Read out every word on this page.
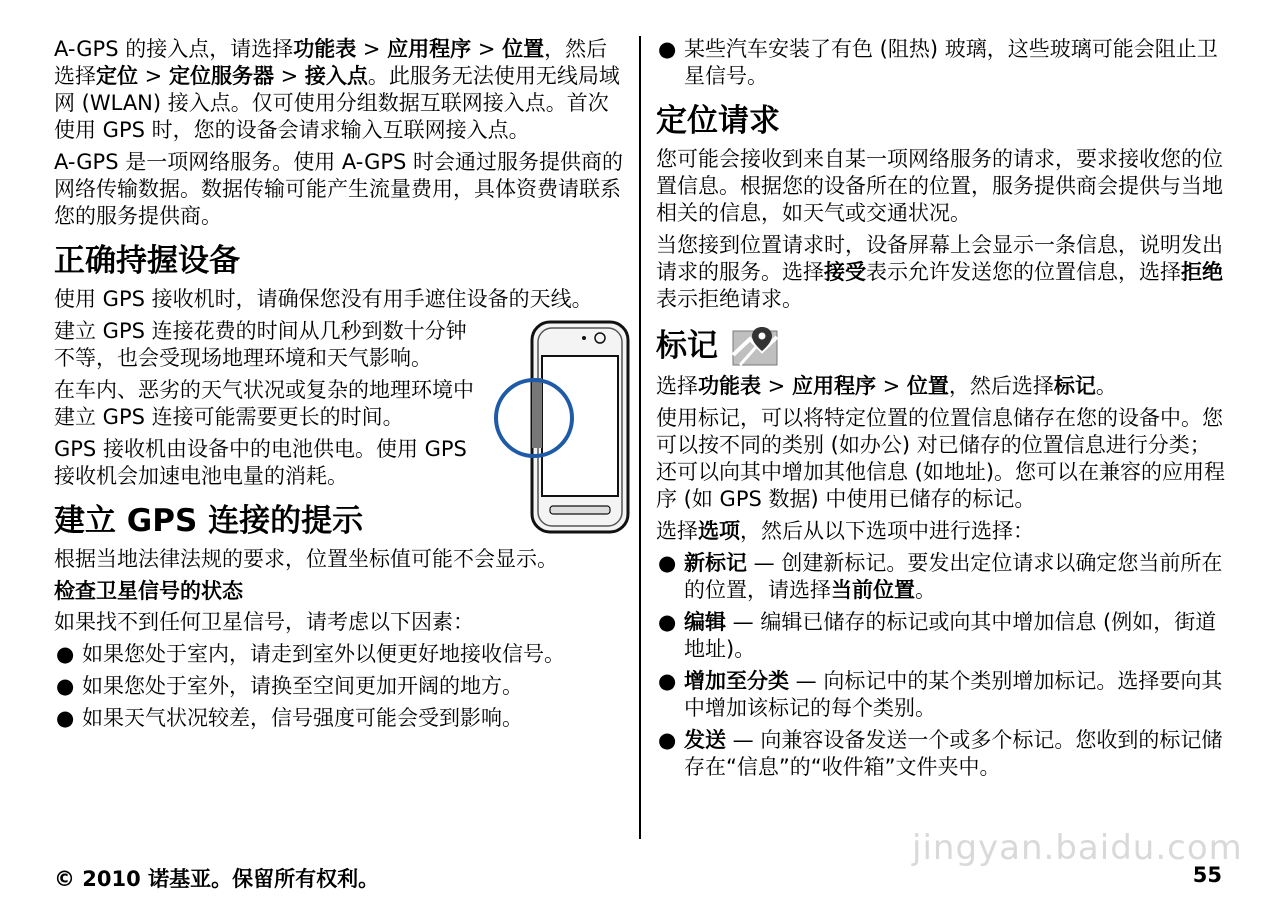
A-GPS 的接入点，请选择功能表 > 应用程序 > 位置，然后选择定位 > 定位服务器 > 接入点。此服务无法使用无线局域网 (WLAN) 接入点。仅可使用分组数据互联网接入点。首次使用 GPS 时，您的设备会请求输入互联网接入点。

A-GPS 是一项网络服务。使用 A-GPS 时会通过服务提供商的网络传输数据。数据传输可能产生流量费用，具体资费请联系您的服务提供商。

正确持握设备

使用 GPS 接收机时，请确保您没有用手遮住设备的天线。

建立 GPS 连接花费的时间从几秒到数十分钟不等，也会受现场地理环境和天气影响。

在车内、恶劣的天气状况或复杂的地理环境中建立 GPS 连接可能需要更长的时间。

GPS 接收机由设备中的电池供电。使用 GPS 接收机会加速电池电量的消耗。

建立 GPS 连接的提示

根据当地法律法规的要求，位置坐标值可能不会显示。

检查卫星信号的状态

如果找不到任何卫星信号，请考虑以下因素：

● 如果您处于室内，请走到室外以便更好地接收信号。
● 如果您处于室外，请换至空间更加开阔的地方。
● 如果天气状况较差，信号强度可能会受到影响。
● 某些汽车安装了有色 (阻热) 玻璃，这些玻璃可能会阻止卫星信号。
定位请求

您可能会接收到来自某一项网络服务的请求，要求接收您的位置信息。根据您的设备所在的位置，服务提供商会提供与当地相关的信息，如天气或交通状况。

当您接到位置请求时，设备屏幕上会显示一条信息，说明发出请求的服务。选择接受表示允许发送您的位置信息，选择拒绝表示拒绝请求。

标记

选择功能表 > 应用程序 > 位置，然后选择标记。

使用标记，可以将特定位置的位置信息储存在您的设备中。您可以按不同的类别 (如办公) 对已储存的位置信息进行分类；还可以向其中增加其他信息 (如地址)。您可以在兼容的应用程序 (如 GPS 数据) 中使用已储存的标记。

选择选项，然后从以下选项中进行选择：

● 新标记 — 创建新标记。要发出定位请求以确定您当前所在的位置，请选择当前位置。
● 编辑 — 编辑已储存的标记或向其中增加信息 (例如，街道地址)。
● 增加至分类 — 向标记中的某个类别增加标记。选择要向其中增加该标记的每个类别。
● 发送 — 向兼容设备发送一个或多个标记。您收到的标记储存在“信息”的“收件箱”文件夹中。
jingyan.baidu.com
© 2010 诺基亚。保留所有权利。	55
